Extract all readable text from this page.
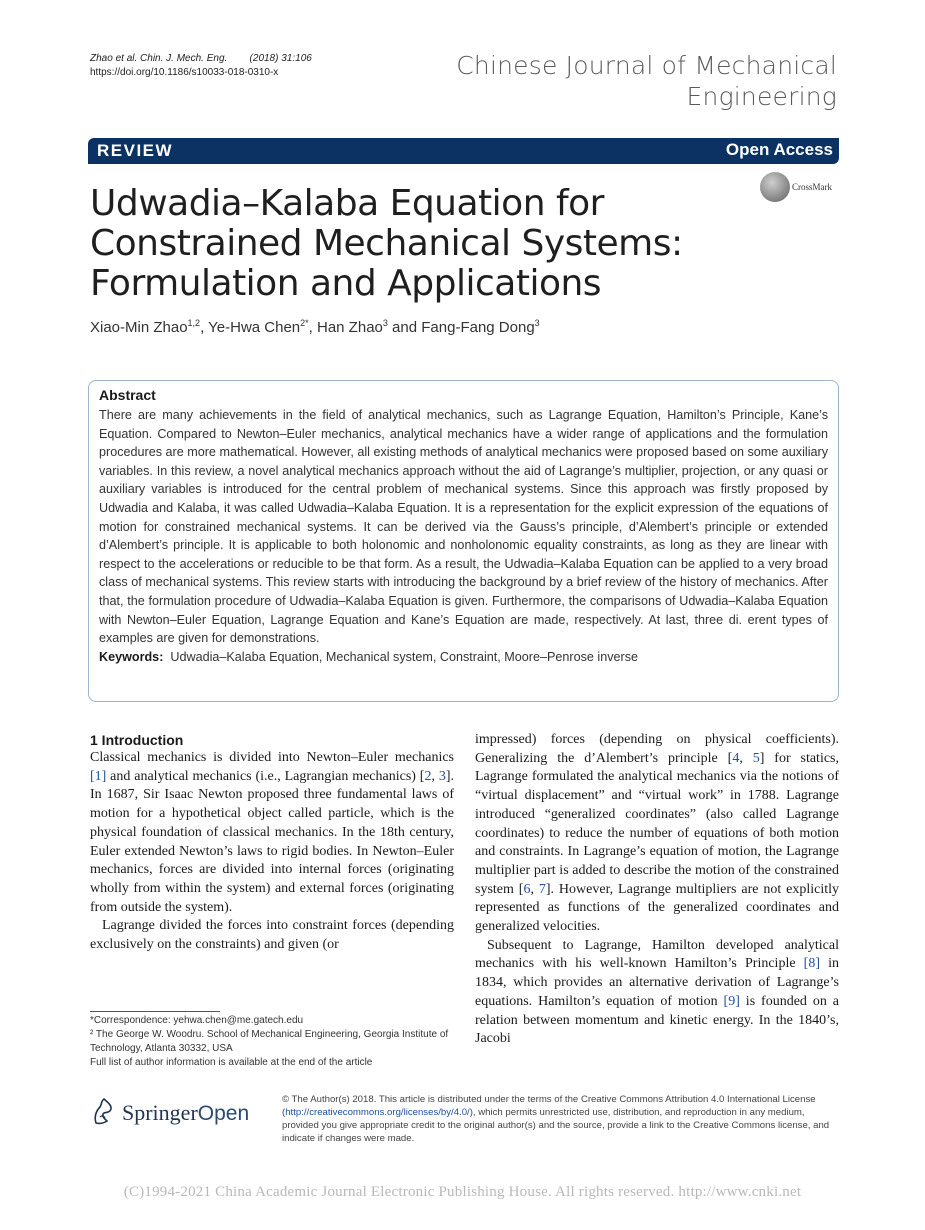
Zhao et al. Chin. J. Mech. Eng. (2018) 31:106
https://doi.org/10.1186/s10033-018-0310-x	Chinese Journal of Mechanical
Engineering
REVIEW	Open Access
Udwadia–Kalaba Equation for Constrained Mechanical Systems: Formulation and Applications
CrossMark
Xiao-Min Zhao$^{1,2}$, Ye-Hwa Chen$^{2*}$, Han Zhao$^3$ and Fang-Fang Dong$^3$
Abstract

There are many achievements in the field of analytical mechanics, such as Lagrange Equation, Hamilton’s Principle, Kane’s Equation. Compared to Newton–Euler mechanics, analytical mechanics have a wider range of applications and the formulation procedures are more mathematical. However, all existing methods of analytical mechanics were proposed based on some auxiliary variables. In this review, a novel analytical mechanics approach without the aid of Lagrange’s multiplier, projection, or any quasi or auxiliary variables is introduced for the central problem of mechanical systems. Since this approach was firstly proposed by Udwadia and Kalaba, it was called Udwadia–Kalaba Equation. It is a representation for the explicit expression of the equations of motion for constrained mechanical systems. It can be derived via the Gauss’s principle, d’Alembert’s principle or extended d’Alembert’s principle. It is applicable to both holonomic and nonholonomic equality constraints, as long as they are linear with respect to the accelerations or reducible to be that form. As a result, the Udwadia–Kalaba Equation can be applied to a very broad class of mechanical systems. This review starts with introducing the background by a brief review of the history of mechanics. After that, the formulation procedure of Udwadia–Kalaba Equation is given. Furthermore, the comparisons of Udwadia–Kalaba Equation with Newton–Euler Equation, Lagrange Equation and Kane’s Equation are made, respectively. At last, three di. erent types of examples are given for demonstrations.

Keywords: Udwadia–Kalaba Equation, Mechanical system, Constraint, Moore–Penrose inverse

1 Introduction

Classical mechanics is divided into Newton–Euler mechanics [1] and analytical mechanics (i.e., Lagrangian mechanics) [2, 3]. In 1687, Sir Isaac Newton proposed three fundamental laws of motion for a hypothetical object called particle, which is the physical foundation of classical mechanics. In the 18th century, Euler extended Newton’s laws to rigid bodies. In Newton–Euler mechanics, forces are divided into internal forces (originating wholly from within the system) and external forces (originating from outside the system).

Lagrange divided the forces into constraint forces (depending exclusively on the constraints) and given (or

impressed) forces (depending on physical coefficients). Generalizing the d’Alembert’s principle [4, 5] for statics, Lagrange formulated the analytical mechanics via the notions of “virtual displacement” and “virtual work” in 1788. Lagrange introduced “generalized coordinates” (also called Lagrange coordinates) to reduce the number of equations of both motion and constraints. In Lagrange’s equation of motion, the Lagrange multiplier part is added to describe the motion of the constrained system [6, 7]. However, Lagrange multipliers are not explicitly represented as functions of the generalized coordinates and generalized velocities.

Subsequent to Lagrange, Hamilton developed analytical mechanics with his well-known Hamilton’s Principle [8] in 1834, which provides an alternative derivation of Lagrange’s equations. Hamilton’s equation of motion [9] is founded on a relation between momentum and kinetic energy. In the 1840’s, Jacobi

*Correspondence: yehwa.chen@me.gatech.edu
² The George W. Woodru. School of Mechanical Engineering, Georgia Institute of Technology, Atlanta 30332, USA
Full list of author information is available at the end of the article
SpringerOpen
© The Author(s) 2018. This article is distributed under the terms of the Creative Commons Attribution 4.0 International License (http://creativecommons.org/licenses/by/4.0/), which permits unrestricted use, distribution, and reproduction in any medium, provided you give appropriate credit to the original author(s) and the source, provide a link to the Creative Commons license, and indicate if changes were made.
(C)1994-2021 China Academic Journal Electronic Publishing House. All rights reserved. http://www.cnki.net
